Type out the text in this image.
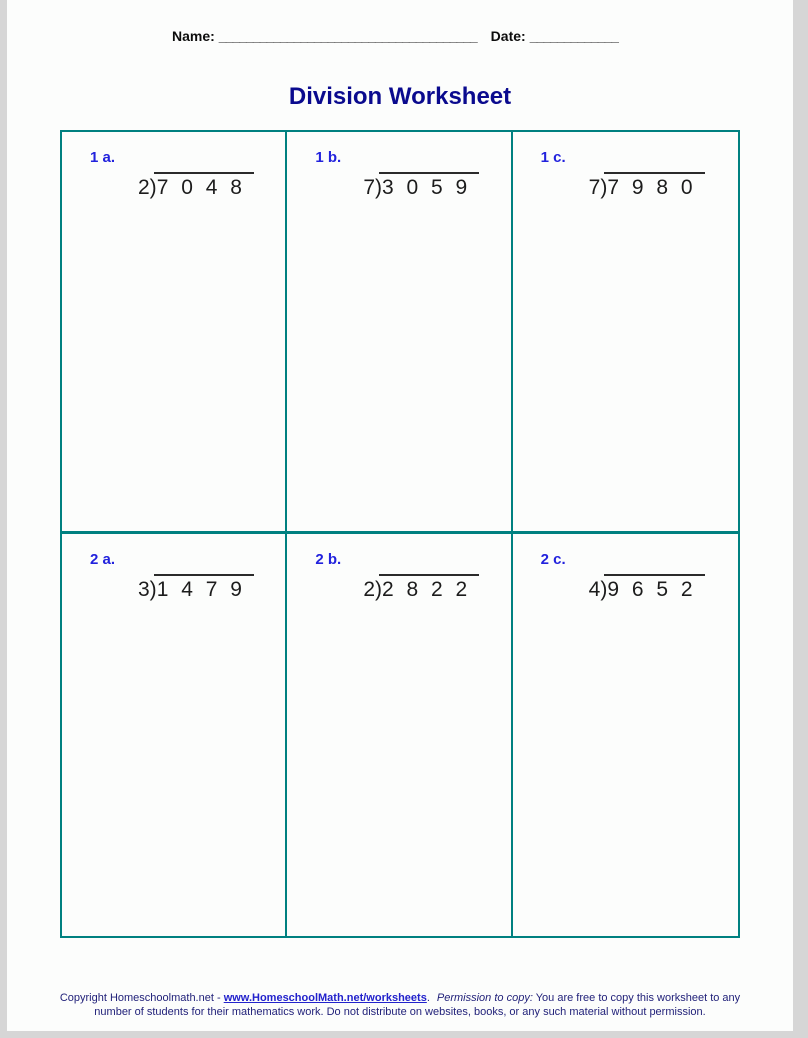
Name: ______________________________________ Date: _____________
Division Worksheet
1 a.
2)7 0 4 8
1 b.
7)3 0 5 9
1 c.
7)7 9 8 0
2 a.
3)1 4 7 9
2 b.
2)2 8 2 2
2 c.
4)9 6 5 2
Copyright Homeschoolmath.net - www.HomeschoolMath.net/worksheets. Permission to copy: You are free to copy this worksheet to any
number of students for their mathematics work. Do not distribute on websites, books, or any such material without permission.
